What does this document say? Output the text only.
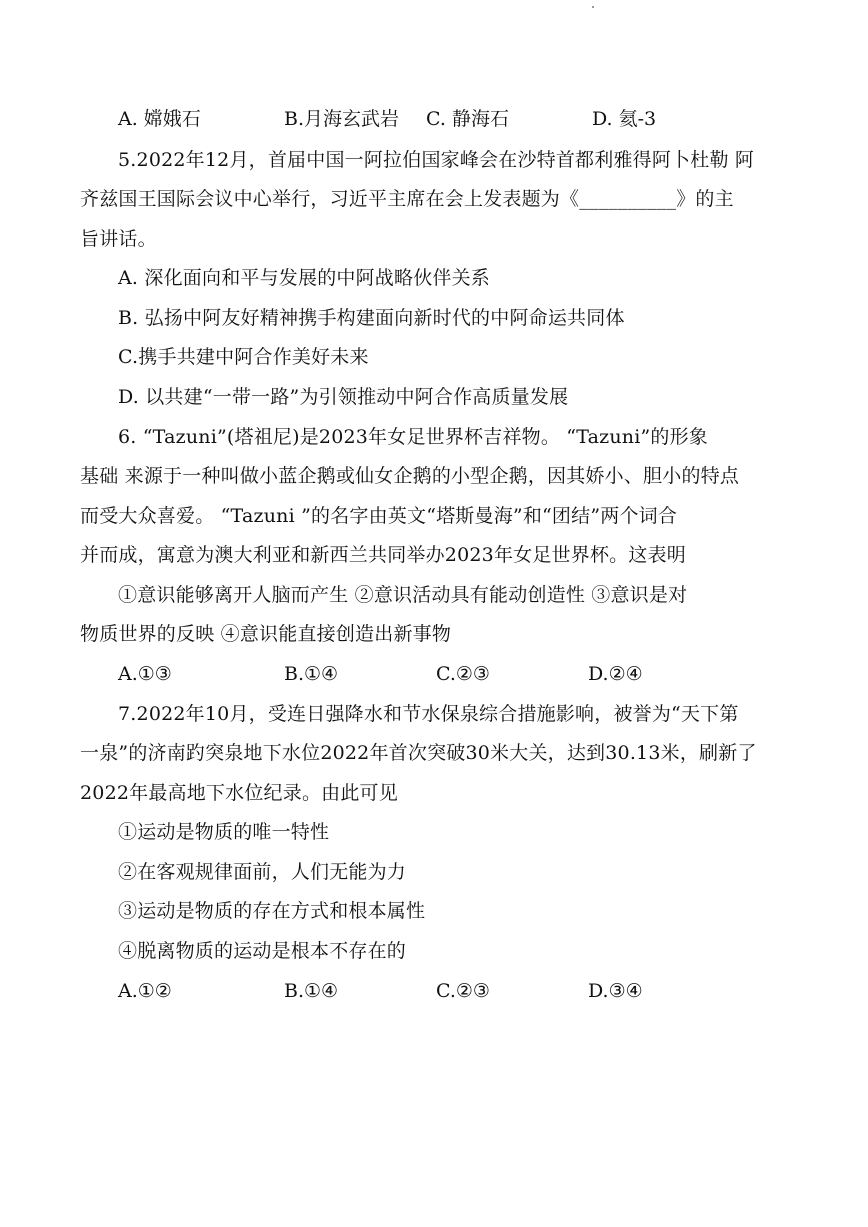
A. 嫦娥石	B.月海玄武岩 C. 静海石	D. 氦-3
5.2022年12月，首届中国一阿拉伯国家峰会在沙特首都利雅得阿卜杜勒 阿
齐兹国王国际会议中心举行，习近平主席在会上发表题为《__________》的主
旨讲话。
A. 深化面向和平与发展的中阿战略伙伴关系
B. 弘扬中阿友好精神携手构建面向新时代的中阿命运共同体
C.携手共建中阿合作美好未来
D. 以共建“一带一路”为引领推动中阿合作高质量发展
6. “Tazuni”(塔祖尼)是2023年女足世界杯吉祥物。 “Tazuni”的形象
基础 来源于一种叫做小蓝企鹅或仙女企鹅的小型企鹅，因其娇小、胆小的特点
而受大众喜爱。 “Tazuni ”的名字由英文“塔斯曼海”和“团结”两个词合
并而成，寓意为澳大利亚和新西兰共同举办2023年女足世界杯。这表明
①意识能够离开人脑而产生 ②意识活动具有能动创造性 ③意识是对
物质世界的反映 ④意识能直接创造出新事物
A.①③	B.①④	C.②③	D.②④
7.2022年10月，受连日强降水和节水保泉综合措施影响，被誉为“天下第
一泉”的济南趵突泉地下水位2022年首次突破30米大关，达到30.13米，刷新了
2022年最高地下水位纪录。由此可见
①运动是物质的唯一特性
②在客观规律面前，人们无能为力
③运动是物质的存在方式和根本属性
④脱离物质的运动是根本不存在的
A.①②	B.①④	C.②③	D.③④
